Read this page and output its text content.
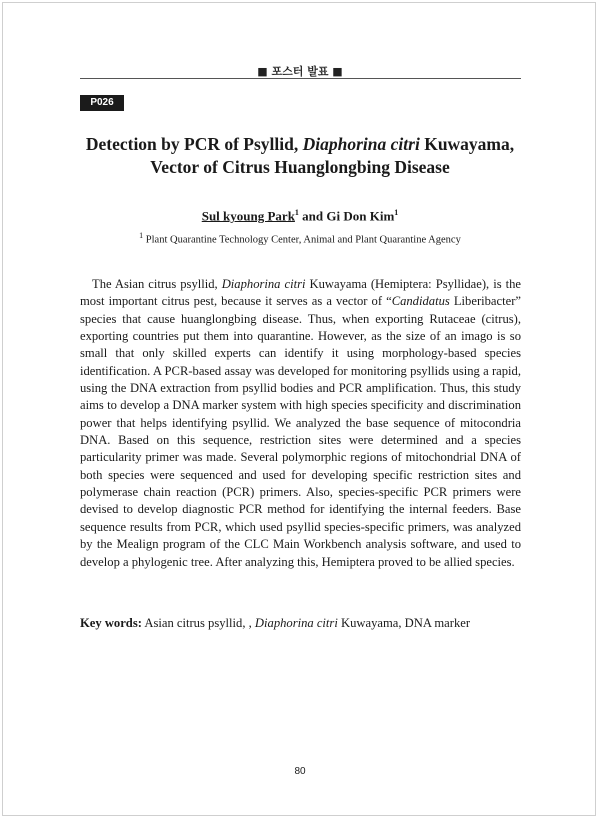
■ 포스터 발표 ■
P026
Detection by PCR of Psyllid, Diaphorina citri Kuwayama,
Vector of Citrus Huanglongbing Disease
Sul kyoung Park$^1$ and Gi Don Kim$^1$
$^1$ Plant Quarantine Technology Center, Animal and Plant Quarantine Agency

The Asian citrus psyllid, Diaphorina citri Kuwayama (Hemiptera: Psyllidae), is the most important citrus pest, because it serves as a vector of “Candidatus Liberibacter” species that cause huanglongbing disease. Thus, when exporting Rutaceae (citrus), exporting countries put them into quarantine. However, as the size of an imago is so small that only skilled experts can identify it using morphology-based species identification. A PCR-based assay was developed for monitoring psyllids using a rapid, using the DNA extraction from psyllid bodies and PCR amplification. Thus, this study aims to develop a DNA marker system with high species specificity and discrimination power that helps identifying psyllid. We analyzed the base sequence of mitocondria DNA. Based on this sequence, restriction sites were determined and a species particularity primer was made. Several polymorphic regions of mitochondrial DNA of both species were sequenced and used for developing specific restriction sites and polymerase chain reaction (PCR) primers. Also, species-specific PCR primers were devised to develop diagnostic PCR method for identifying the internal feeders. Base sequence results from PCR, which used psyllid species-specific primers, was analyzed by the Mealign program of the CLC Main Workbench analysis software, and used to develop a phylogenic tree. After analyzing this, Hemiptera proved to be allied species.

Key words: Asian citrus psyllid, , Diaphorina citri Kuwayama, DNA marker
80
